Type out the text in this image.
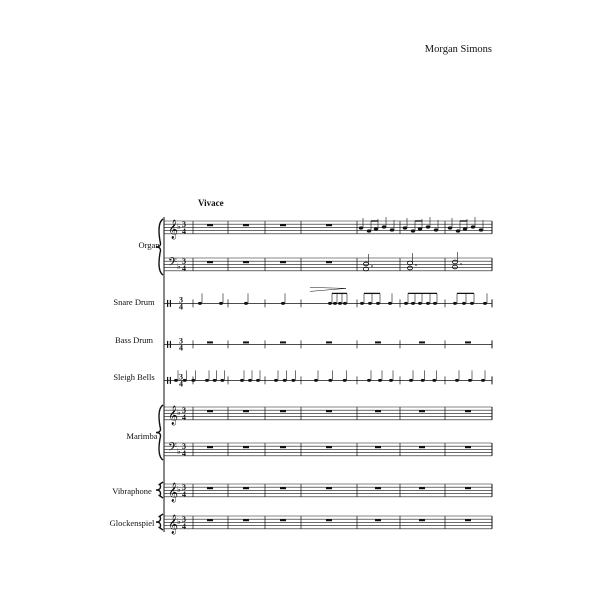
Morgan Simons
Vivace
𝄞
♭ 3
4
𝄢 ♭
3
4
3
4
3
4
3
4
𝄞
♭ 3
4
𝄢 ♭
3
4
𝄞
♭ 3
4
𝄞
♭ 3
4
Organ
Snare Drum
Bass Drum
Sleigh Bells
Marimba
Vibraphone
Glockenspiel
